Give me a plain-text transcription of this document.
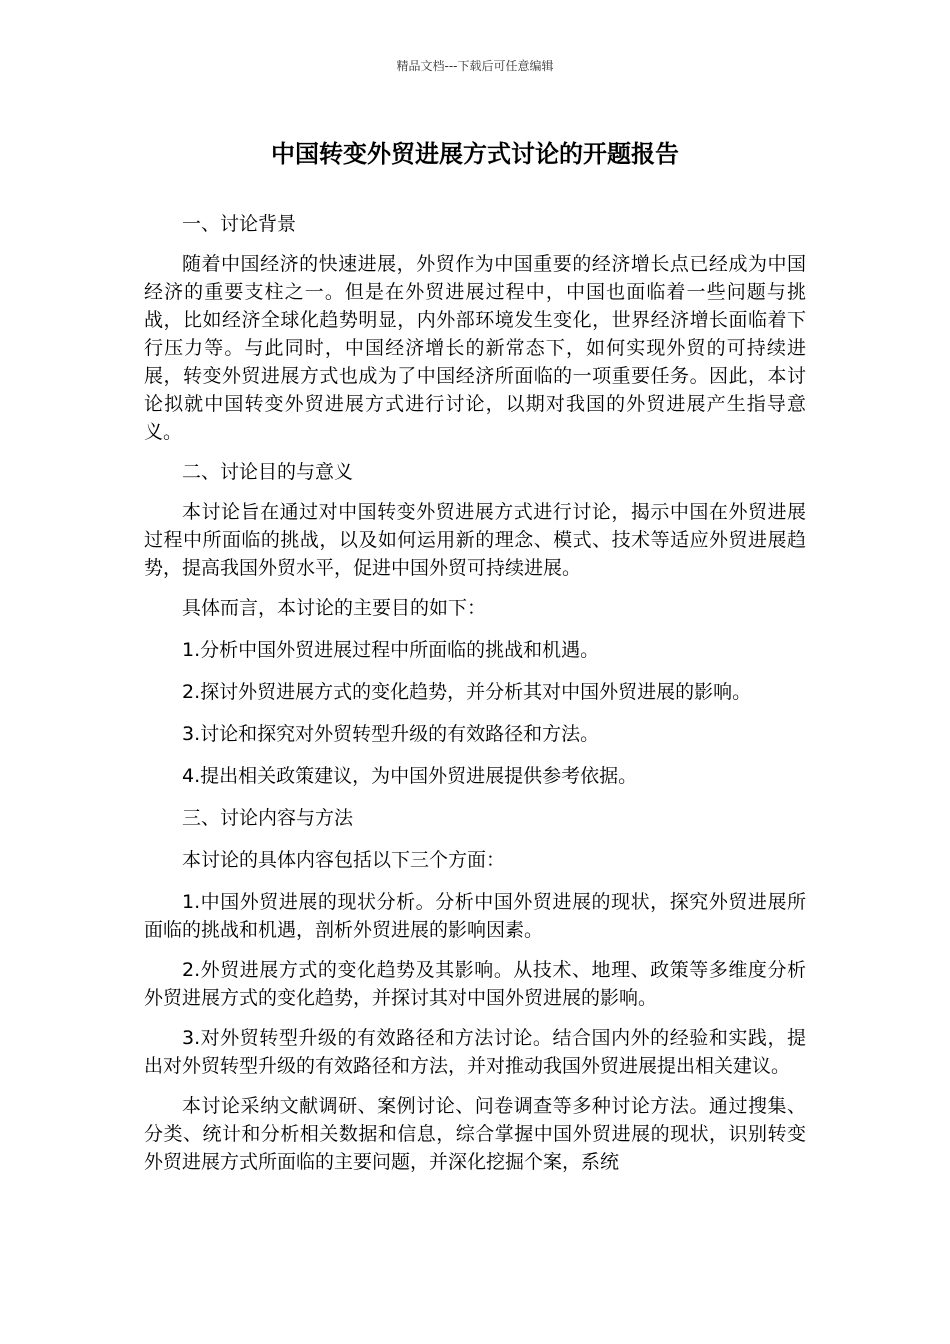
精品文档---下载后可任意编辑
中国转变外贸进展方式讨论的开题报告

一、讨论背景

随着中国经济的快速进展，外贸作为中国重要的经济增长点已经成为中国经济的重要支柱之一。但是在外贸进展过程中，中国也面临着一些问题与挑战，比如经济全球化趋势明显，内外部环境发生变化，世界经济增长面临着下行压力等。与此同时，中国经济增长的新常态下，如何实现外贸的可持续进展，转变外贸进展方式也成为了中国经济所面临的一项重要任务。因此，本讨论拟就中国转变外贸进展方式进行讨论，以期对我国的外贸进展产生指导意义。

二、讨论目的与意义

本讨论旨在通过对中国转变外贸进展方式进行讨论，揭示中国在外贸进展过程中所面临的挑战，以及如何运用新的理念、模式、技术等适应外贸进展趋势，提高我国外贸水平，促进中国外贸可持续进展。

具体而言，本讨论的主要目的如下：

1.分析中国外贸进展过程中所面临的挑战和机遇。

2.探讨外贸进展方式的变化趋势，并分析其对中国外贸进展的影响。

3.讨论和探究对外贸转型升级的有效路径和方法。

4.提出相关政策建议，为中国外贸进展提供参考依据。

三、讨论内容与方法

本讨论的具体内容包括以下三个方面：

1.中国外贸进展的现状分析。分析中国外贸进展的现状，探究外贸进展所面临的挑战和机遇，剖析外贸进展的影响因素。

2.外贸进展方式的变化趋势及其影响。从技术、地理、政策等多维度分析外贸进展方式的变化趋势，并探讨其对中国外贸进展的影响。

3.对外贸转型升级的有效路径和方法讨论。结合国内外的经验和实践，提出对外贸转型升级的有效路径和方法，并对推动我国外贸进展提出相关建议。

本讨论采纳文献调研、案例讨论、问卷调查等多种讨论方法。通过搜集、分类、统计和分析相关数据和信息，综合掌握中国外贸进展的现状，识别转变外贸进展方式所面临的主要问题，并深化挖掘个案，系统
